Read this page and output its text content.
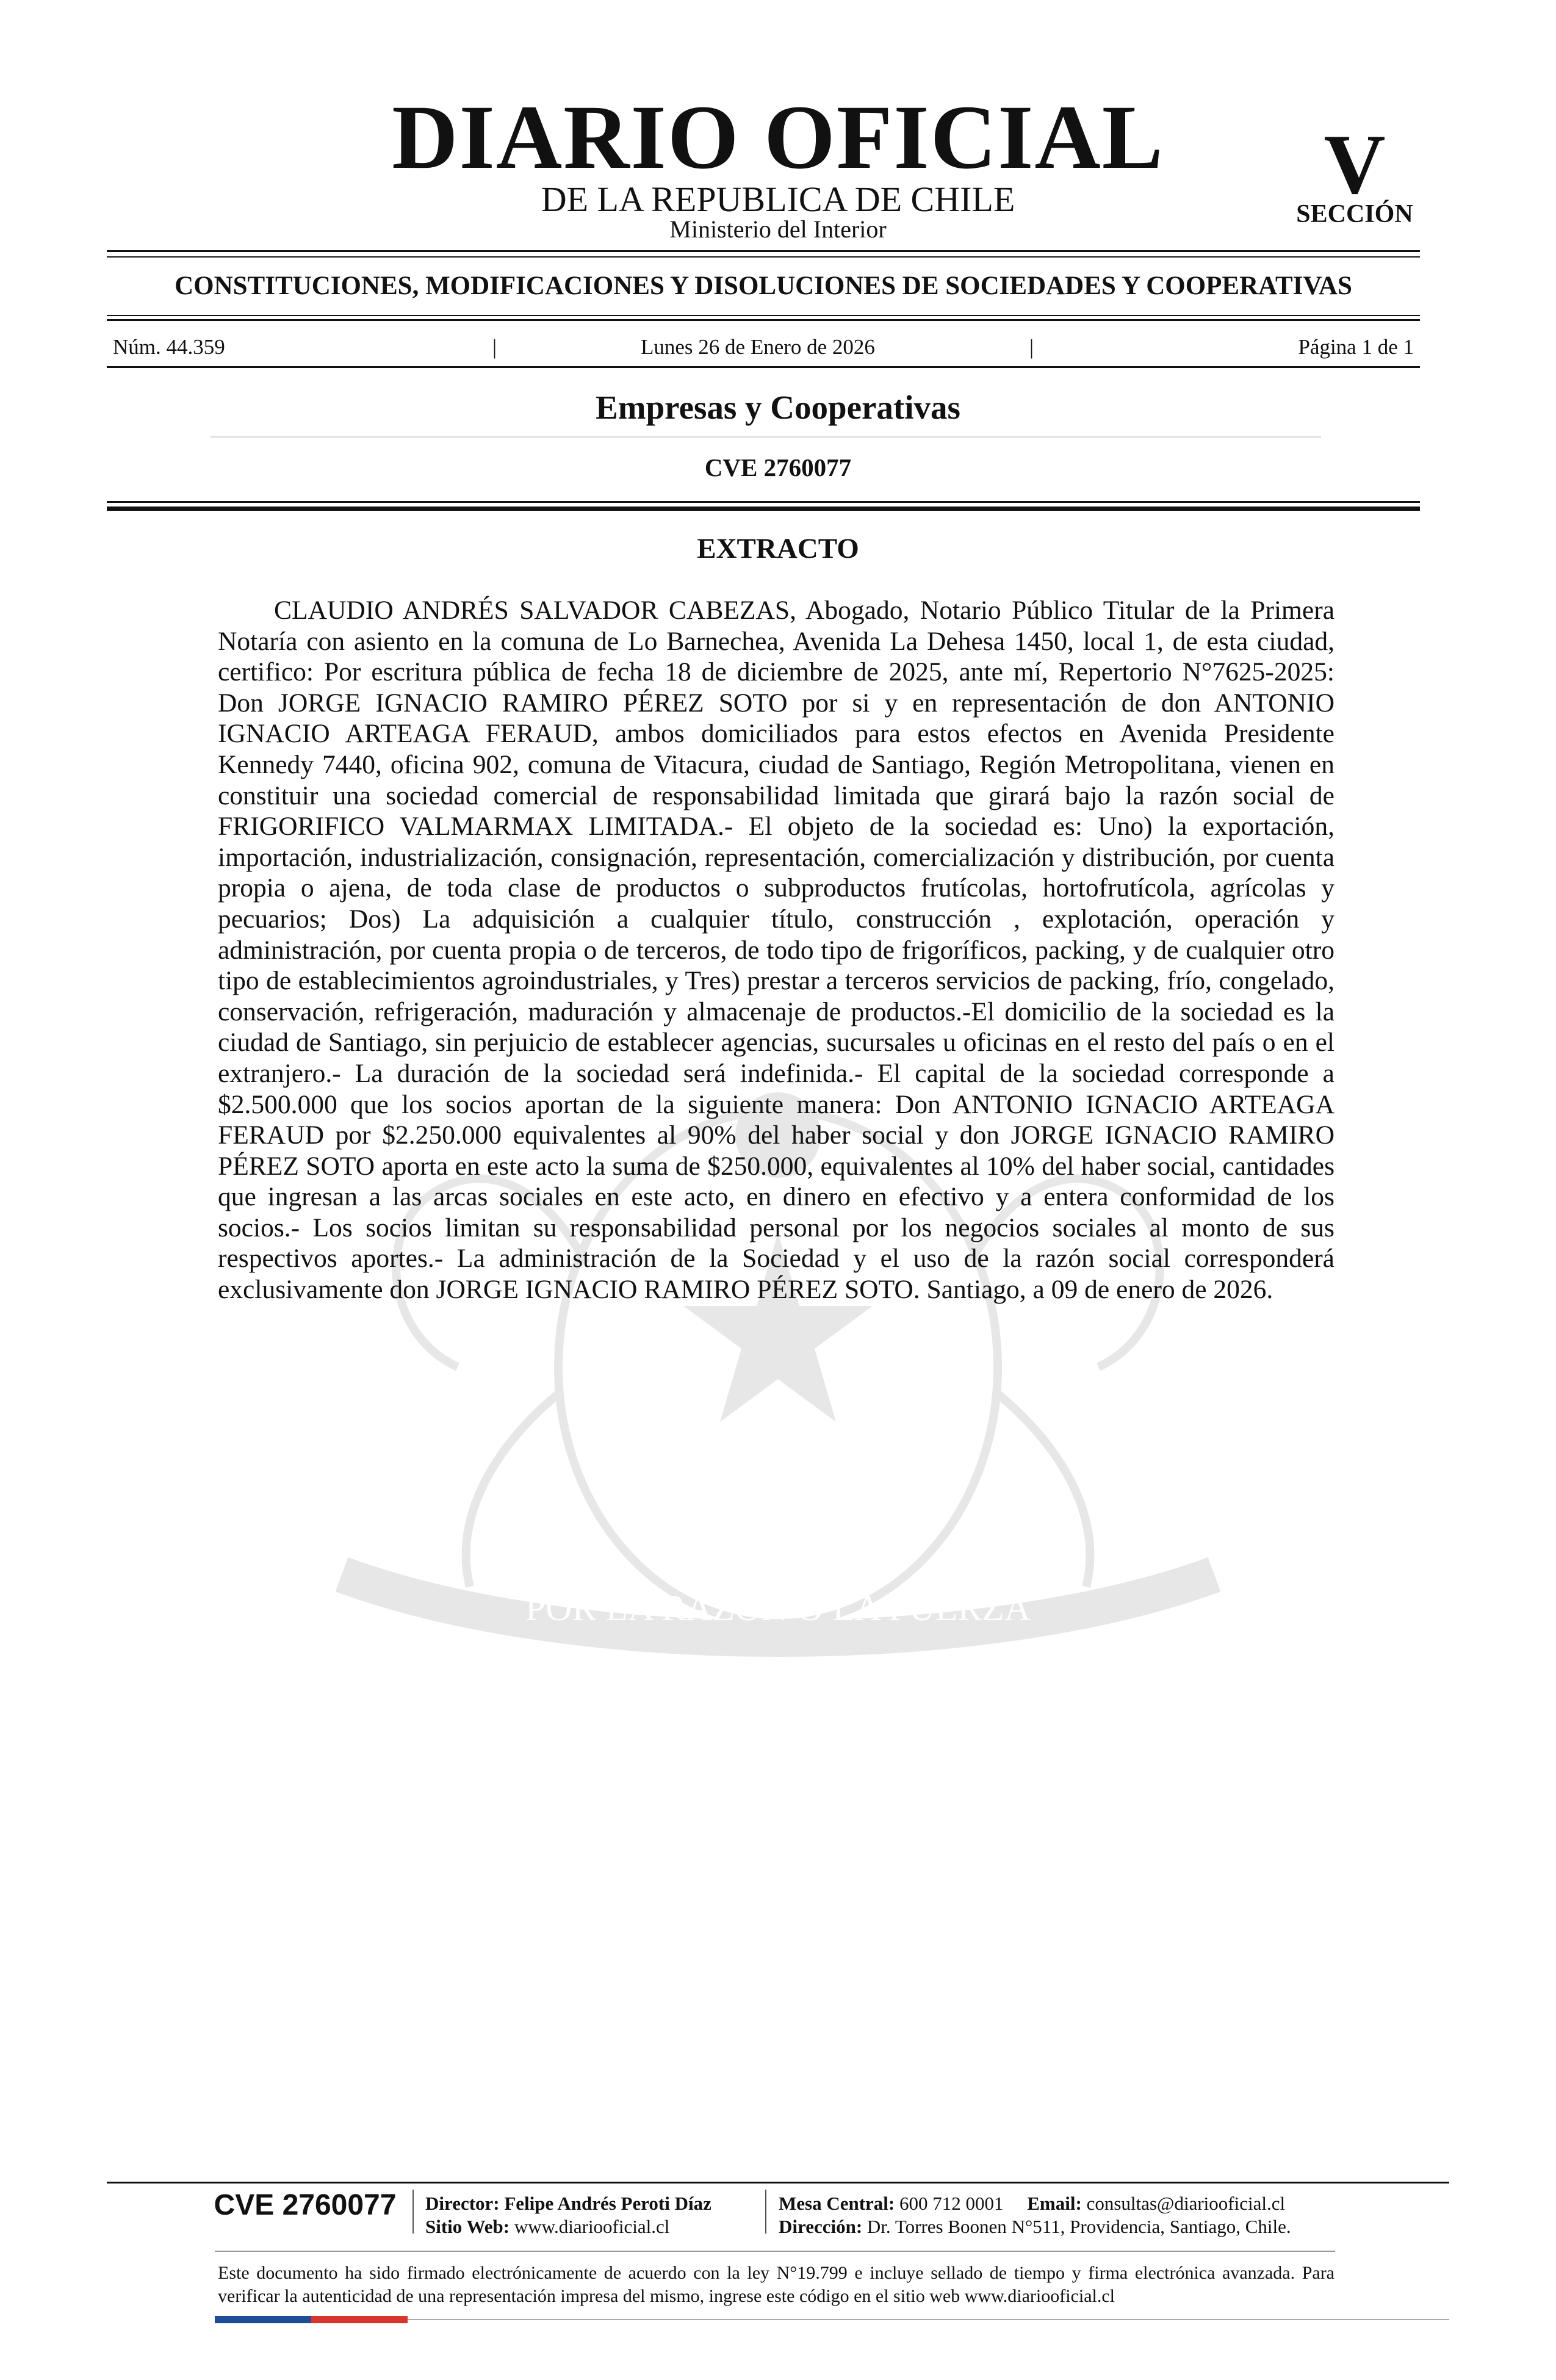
DIARIO OFICIAL
DE LA REPUBLICA DE CHILE
Ministerio del Interior
V
SECCIÓN
CONSTITUCIONES, MODIFICACIONES Y DISOLUCIONES DE SOCIEDADES Y COOPERATIVAS
Núm. 44.359	|	Lunes 26 de Enero de 2026	|	Página 1 de 1
Empresas y Cooperativas
CVE 2760077
POR LA RAZON O LA FUERZA
EXTRACTO
CLAUDIO ANDRÉS SALVADOR CABEZAS, Abogado, Notario Público Titular de la Primera Notaría con asiento en la comuna de Lo Barnechea, Avenida La Dehesa 1450, local 1, de esta ciudad, certifico: Por escritura pública de fecha 18 de diciembre de 2025, ante mí, Repertorio N°7625-2025: Don JORGE IGNACIO RAMIRO PÉREZ SOTO por si y en representación de don ANTONIO IGNACIO ARTEAGA FERAUD, ambos domiciliados para estos efectos en Avenida Presidente Kennedy 7440, oficina 902, comuna de Vitacura, ciudad de Santiago, Región Metropolitana, vienen en constituir una sociedad comercial de responsabilidad limitada que girará bajo la razón social de FRIGORIFICO VALMARMAX LIMITADA.- El objeto de la sociedad es: Uno) la exportación, importación, industrialización, consignación, representación, comercialización y distribución, por cuenta propia o ajena, de toda clase de productos o subproductos frutícolas, hortofrutícola, agrícolas y pecuarios; Dos) La adquisición a cualquier título, construcción , explotación, operación y administración, por cuenta propia o de terceros, de todo tipo de frigoríficos, packing, y de cualquier otro tipo de establecimientos agroindustriales, y Tres) prestar a terceros servicios de packing, frío, congelado, conservación, refrigeración, maduración y almacenaje de productos.-El domicilio de la sociedad es la ciudad de Santiago, sin perjuicio de establecer agencias, sucursales u oficinas en el resto del país o en el extranjero.- La duración de la sociedad será indefinida.- El capital de la sociedad corresponde a $2.500.000 que los socios aportan de la siguiente manera: Don ANTONIO IGNACIO ARTEAGA FERAUD por $2.250.000 equivalentes al 90% del haber social y don JORGE IGNACIO RAMIRO PÉREZ SOTO aporta en este acto la suma de $250.000, equivalentes al 10% del haber social, cantidades que ingresan a las arcas sociales en este acto, en dinero en efectivo y a entera conformidad de los socios.- Los socios limitan su responsabilidad personal por los negocios sociales al monto de sus respectivos aportes.- La administración de la Sociedad y el uso de la razón social corresponderá exclusivamente don JORGE IGNACIO RAMIRO PÉREZ SOTO. Santiago, a 09 de enero de 2026.
CVE 2760077	Director: Felipe Andrés Peroti Díaz
Sitio Web: www.diariooficial.cl
Mesa Central: 600 712 0001 Email: consultas@diariooficial.cl
Dirección: Dr. Torres Boonen N°511, Providencia, Santiago, Chile.
Este documento ha sido firmado electrónicamente de acuerdo con la ley N°19.799 e incluye sellado de tiempo y firma electrónica avanzada. Para verificar la autenticidad de una representación impresa del mismo, ingrese este código en el sitio web www.diariooficial.cl
